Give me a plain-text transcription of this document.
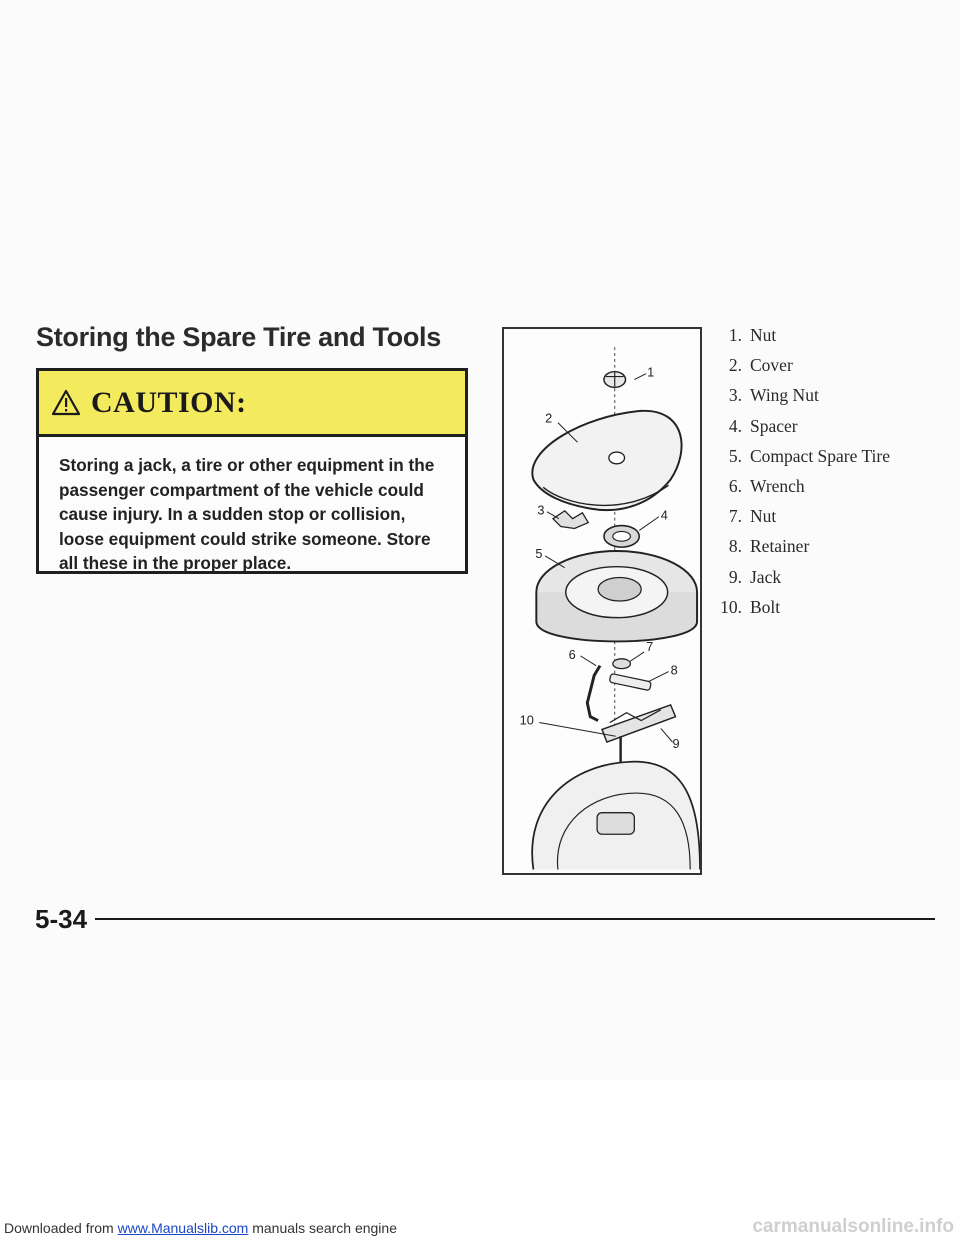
Storing the Spare Tire and Tools
CAUTION:

Storing a jack, a tire or other equipment in the passenger compartment of the vehicle could cause injury. In a sudden stop or collision, loose equipment could strike someone. Store all these in the proper place.

1
2
3	4
5
6
7
8
9
10
1. Nut
2. Cover
3. Wing Nut
4. Spacer
5. Compact Spare Tire
6. Wrench
7. Nut
8. Retainer
9. Jack
10. Bolt
5-34
Downloaded from www.Manualslib.com manuals search engine	carmanualsonline.info
